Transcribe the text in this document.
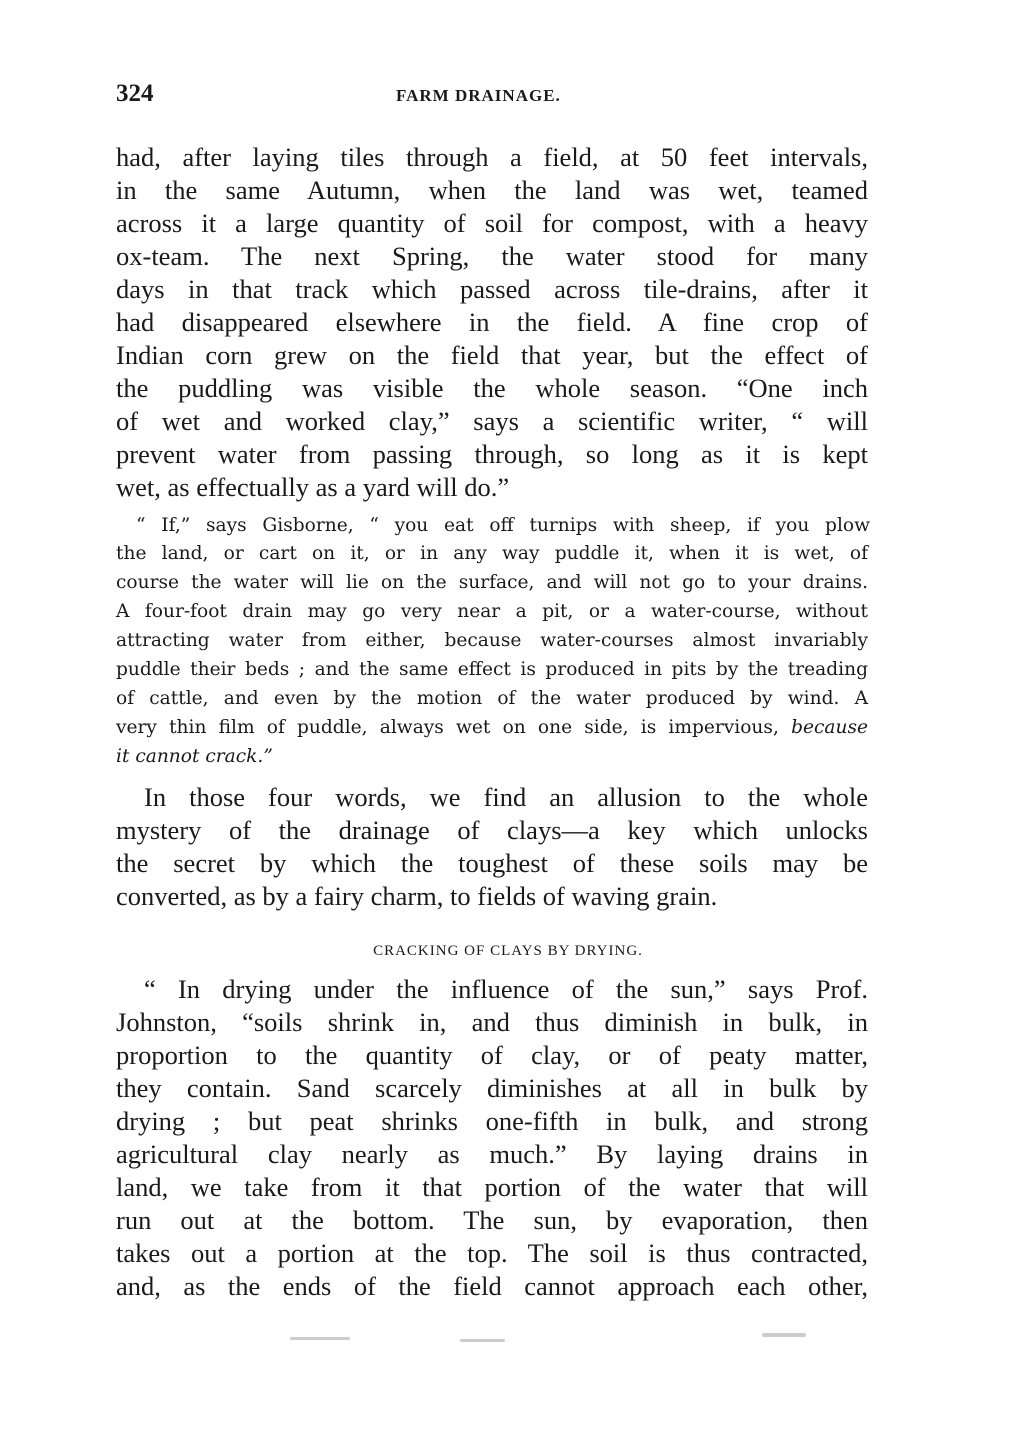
324	FARM DRAINAGE.
had, after laying tiles through a field, at 50 feet intervals,
in the same Autumn, when the land was wet, teamed
across it a large quantity of soil for compost, with a heavy
ox-team. The next Spring, the water stood for many
days in that track which passed across tile-drains, after it
had disappeared elsewhere in the field. A fine crop of
Indian corn grew on the field that year, but the effect of
the puddling was visible the whole season. “One inch
of wet and worked clay,” says a scientific writer, “ will
prevent water from passing through, so long as it is kept
wet, as effectually as a yard will do.”
“ If,” says Gisborne, “ you eat off turnips with sheep, if you plow
the land, or cart on it, or in any way puddle it, when it is wet, of
course the water will lie on the surface, and will not go to your drains.
A four-foot drain may go very near a pit, or a water-course, without
attracting water from either, because water-courses almost invariably
puddle their beds ; and the same effect is produced in pits by the treading
of cattle, and even by the motion of the water produced by wind. A
very thin film of puddle, always wet on one side, is impervious, because
it cannot crack.”
In those four words, we find an allusion to the whole
mystery of the drainage of clays—a key which unlocks
the secret by which the toughest of these soils may be
converted, as by a fairy charm, to fields of waving grain.
CRACKING OF CLAYS BY DRYING.
“ In drying under the influence of the sun,” says Prof.
Johnston, “soils shrink in, and thus diminish in bulk, in
proportion to the quantity of clay, or of peaty matter,
they contain. Sand scarcely diminishes at all in bulk by
drying ; but peat shrinks one-fifth in bulk, and strong
agricultural clay nearly as much.” By laying drains in
land, we take from it that portion of the water that will
run out at the bottom. The sun, by evaporation, then
takes out a portion at the top. The soil is thus contracted,
and, as the ends of the field cannot approach each other,
